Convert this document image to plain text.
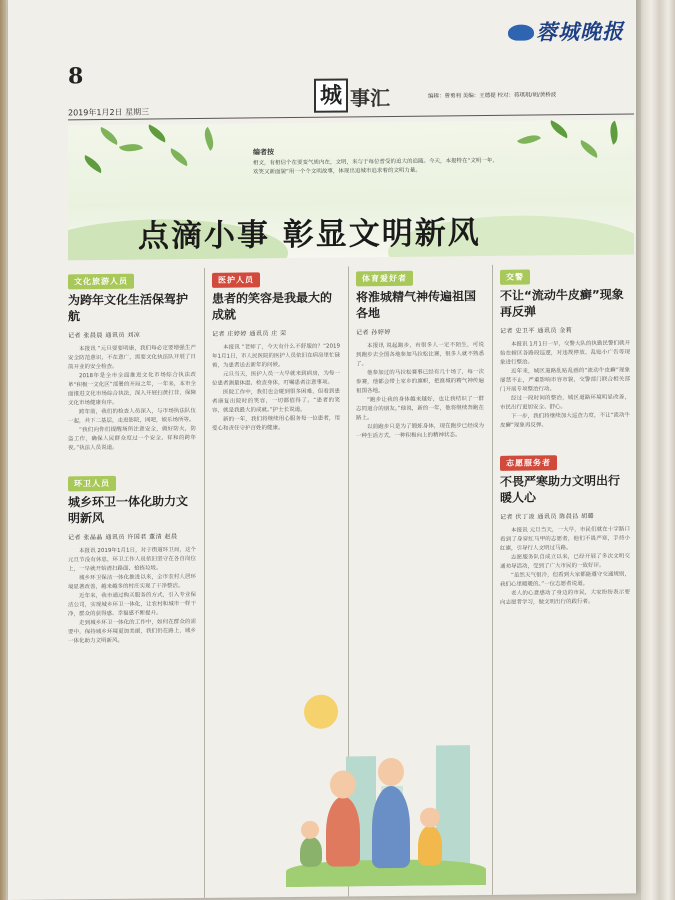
8
蓉城晚报
城 事汇
2019年1月2日 星期三
编辑：曾勇利 美编：王德提 校对：蒋琪琪/胡/黄桥波
编者按
相文，有相信个在要变气质内在，文明，来与于每位普受的追大的追随。今天，本报特在“文明一年，欢笑又新面貌”用一个个文明故事，体现出追城市追求着的文明力量。
点滴小事 彰显文明新风
文化旅游人员
为跨年文化生活保驾护航
记者 张晨晨 通讯员 刘凉

本报讯 “元旦要要明康，我们每必定要增强生产安全防范意识，不在意广，需要文化执法队开展了日前开业的安全检查。

2018年是全市全面推进文化市场综合执法改革“积极一文化区”部署的开局之年，一年来，本市全面推进文化市场综合执法，深入开展扫黄打非，保障文化市场健康有序。

跨年前，我们的检查人员深入，与市场执法队伍一起，共下二基层，走进影院，网吧，娱乐场所等。

“我们向你们提醒场所注意安全，做好防火，防盗工作，确保人民群众度过一个安全、祥和的跨年夜。”执法人员说道。

环卫人员
城乡环卫一体化助力文明新风
记者 张晶晶 通讯员 许国君 董清 赵晨

本报讯 2019年1月1日，对于街道环卫局，这个元旦节没有休息，环卫工作人员依旧坚守在各自岗位上，一早就开始清扫路面、拾拣垃圾。

城乡环卫保洁一体化推进以来，全市农村人居环境显著改善，越来越多的村庄实现了干净整洁。

近年来，我市通过购买服务的方式，引入专业保洁公司，实现城乡环卫一体化，让农村和城市一样干净，群众的获得感、幸福感不断提升。

走到城乡环卫一体化的工作中，如何在群众的需要中，保持城乡环境更加美丽，我们仍在路上，城乡一体化助力文明新风。

医护人员
患者的笑容是我最大的成就
记者 庄婷婷 通讯员 庄 荣

本报讯 “老师了，今天有什么不舒服的？”2019年1月1日，市人民医院的医护人员依旧在病房里忙碌着，为患者送去新年的问候。

元旦当天，医护人员一大早就来到病房，为每一位患者测量体温、检查身体，叮嘱患者注意事项。

医院工作中，我们也会碰到很多困难，但看到患者康复出院时的笑容，一切都值得了。“患者的笑容，就是我最大的成就。”护士长说道。

新的一年，我们将继续用心服务每一位患者，用爱心和责任守护百姓的健康。

体育爱好者
将淮城精气神传遍祖国各地
记者 孙婷婷

本报讯 说起跑步，有很多人一定不陌生，可说到跑步去全国各地参加马拉松比赛，很多人就不熟悉了。

他参加过的马拉松赛事已经有几十场了，每一次参赛，他都会带上家乡的旗帜，把淮城的精气神传遍祖国各地。

“跑步让我的身体越来越好，也让我结识了一群志同道合的朋友。”他说，新的一年，他将继续奔跑在路上。

以前跑步只是为了锻炼身体，现在跑步已经成为一种生活方式，一种积极向上的精神状态。

交警
不让“流动牛皮癣”现象再反弹
记者 史卫平 通讯员 金莉

本报讯 1月1日一早，交警大队的执勤民警们就开始在辖区各路段巡逻，对违规停放、乱贴小广告等现象进行整治。

近年来，城区道路乱贴乱画的“流动牛皮癣”现象屡禁不止，严重影响市容市貌，交警部门联合相关部门开展专项整治行动。

经过一段时间的整治，城区道路环境明显改善，市民出行更加安全、舒心。

下一步，我们将继续加大巡查力度，不让“流动牛皮癣”现象再反弹。

志愿服务者
不畏严寒助力文明出行暖人心
记者 伏丁凌 通讯员 陈晨昌 胡璐

本报讯 元旦当天，一大早，市民们就在十字路口看到了身穿红马甲的志愿者，他们不畏严寒，手持小红旗，引导行人文明过马路。

志愿服务队自成立以来，已经开展了多次文明交通劝导活动，受到了广大市民的一致好评。

“虽然天气很冷，但看到大家都能遵守交通规则，我们心里暖暖的。”一位志愿者说道。

老人的心意感动了身边的市民，大家纷纷表示要向志愿者学习，做文明出行的践行者。
